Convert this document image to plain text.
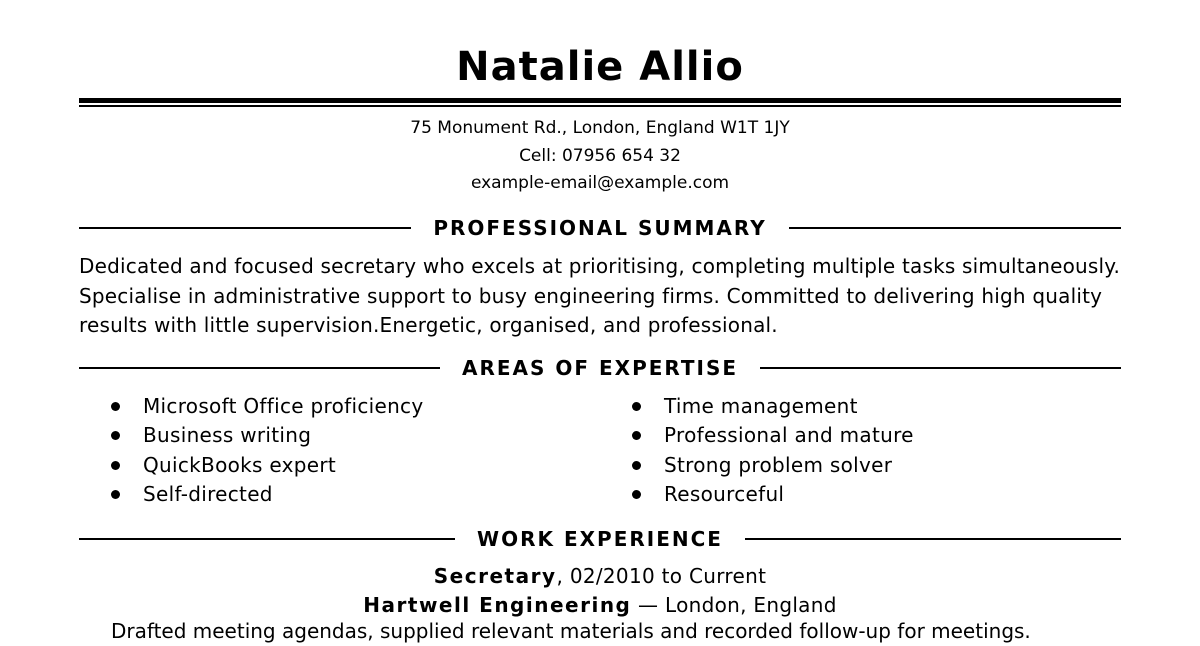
Natalie Allio
75 Monument Rd., London, England W1T 1JY
Cell: 07956 654 32
example-email@example.com
PROFESSIONAL SUMMARY
Dedicated and focused secretary who excels at prioritising, completing multiple tasks simultaneously. Specialise in administrative support to busy engineering firms. Committed to delivering high quality results with little supervision.Energetic, organised, and professional.
AREAS OF EXPERTISE
Microsoft Office proficiency
Business writing
QuickBooks expert
Self-directed
Time management
Professional and mature
Strong problem solver
Resourceful
WORK EXPERIENCE
Secretary, 02/2010 to Current
Hartwell Engineering — London, England
Drafted meeting agendas, supplied relevant materials and recorded follow-up for meetings.
